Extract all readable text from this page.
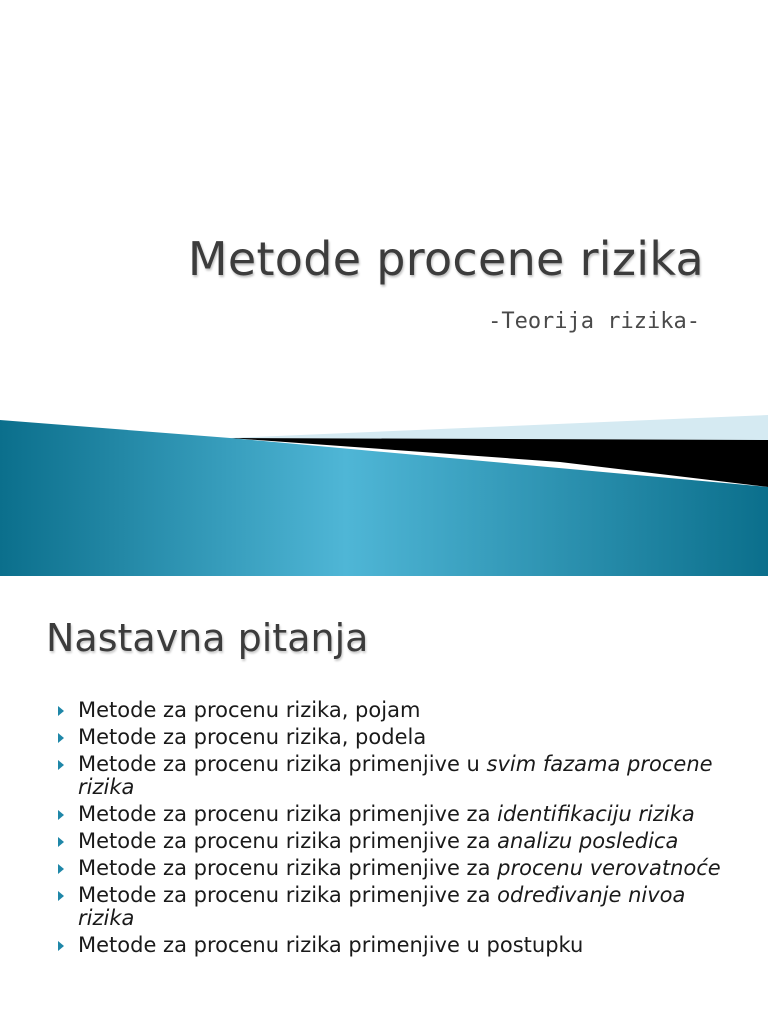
Metode procene rizika
-Teorija rizika-
Nastavna pitanja
Metode za procenu rizika, pojam
Metode za procenu rizika, podela
Metode za procenu rizika primenjive u svim fazama procene rizika
Metode za procenu rizika primenjive za identifikaciju rizika
Metode za procenu rizika primenjive za analizu posledica
Metode za procenu rizika primenjive za procenu verovatnoće
Metode za procenu rizika primenjive za određivanje nivoa rizika
Metode za procenu rizika primenjive u postupku
